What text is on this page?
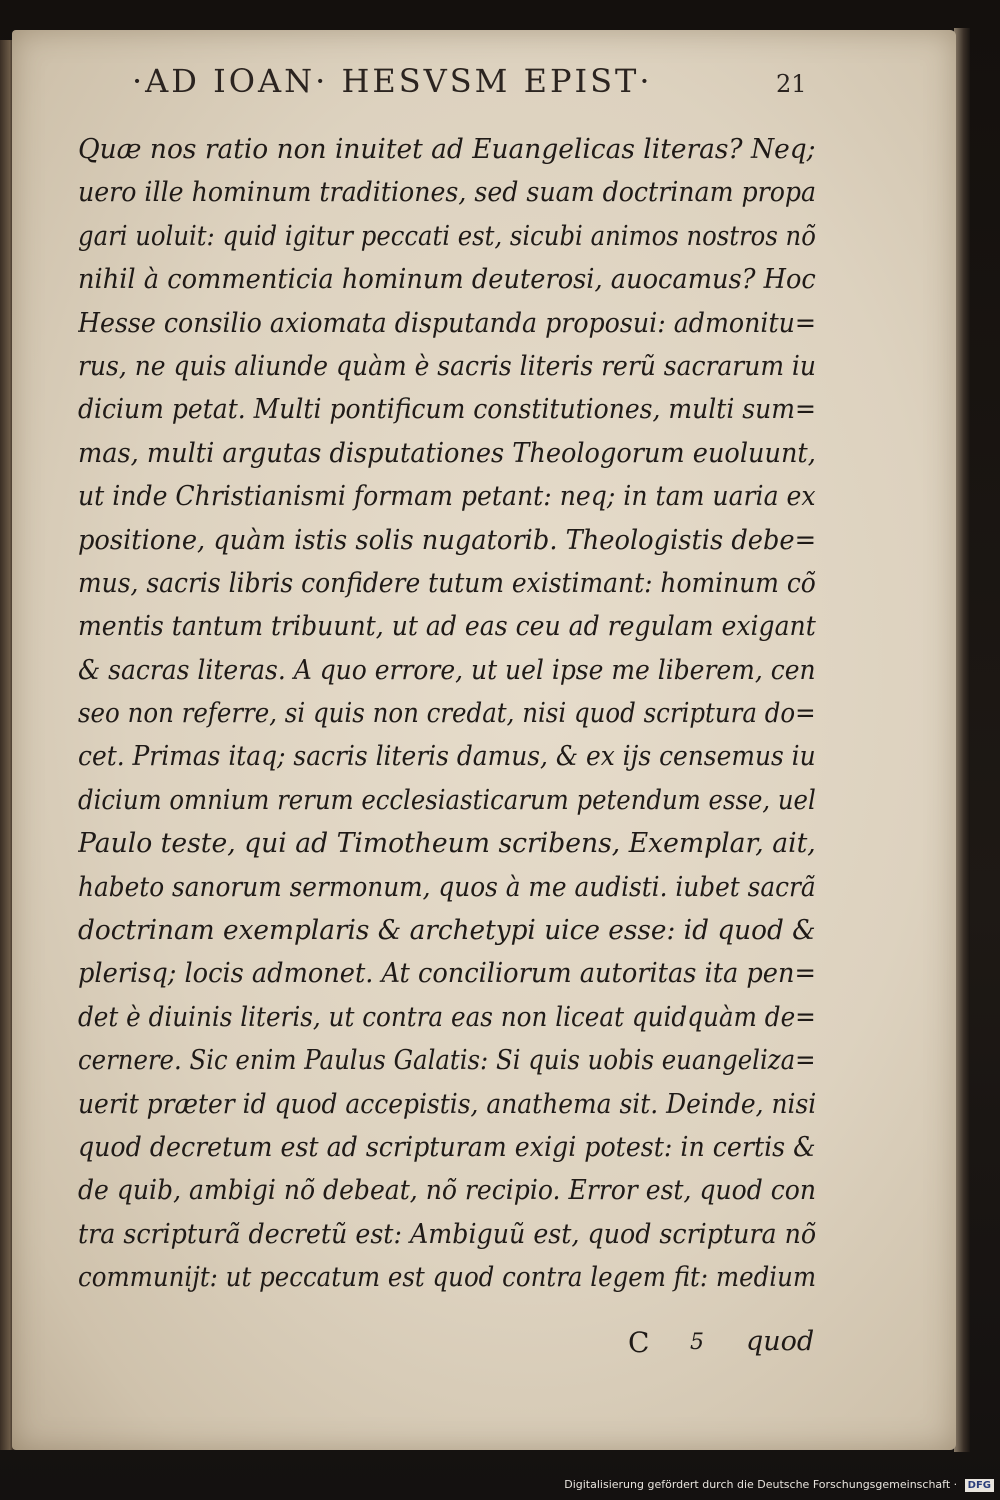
·AD IOAN· HESVSM EPIST·	21
Quæ nos ratio non inuitet ad Euangelicas literas? Neq;
uero ille hominum traditiones, sed suam doctrinam propa
gari uoluit: quid igitur peccati est, sicubi animos nostros nõ
nihil à commenticia hominum deuterosi, auocamus? Hoc
Hesse consilio axiomata disputanda proposui: admonitu=
rus, ne quis aliunde quàm è sacris literis rerũ sacrarum iu
dicium petat. Multi pontificum constitutiones, multi sum=
mas, multi argutas disputationes Theologorum euoluunt,
ut inde Christianismi formam petant: neq; in tam uaria ex
positione, quàm istis solis nugatorib. Theologistis debe=
mus, sacris libris confidere tutum existimant: hominum cõ
mentis tantum tribuunt, ut ad eas ceu ad regulam exigant
& sacras literas. A quo errore, ut uel ipse me liberem, cen
seo non referre, si quis non credat, nisi quod scriptura do=
cet. Primas itaq; sacris literis damus, & ex ijs censemus iu
dicium omnium rerum ecclesiasticarum petendum esse, uel
Paulo teste, qui ad Timotheum scribens, Exemplar, ait,
habeto sanorum sermonum, quos à me audisti. iubet sacrã
doctrinam exemplaris & archetypi uice esse: id quod &
plerisq; locis admonet. At conciliorum autoritas ita pen=
det è diuinis literis, ut contra eas non liceat quidquàm de=
cernere. Sic enim Paulus Galatis: Si quis uobis euangeliza=
uerit præter id quod accepistis, anathema sit. Deinde, nisi
quod decretum est ad scripturam exigi potest: in certis &
de quib, ambigi nõ debeat, nõ recipio. Error est, quod con
tra scripturã decretũ est: Ambiguũ est, quod scriptura nõ
communijt: ut peccatum est quod contra legem fit: medium
C 5 quod
Digitalisierung gefördert durch die Deutsche Forschungsgemeinschaft · DFG
